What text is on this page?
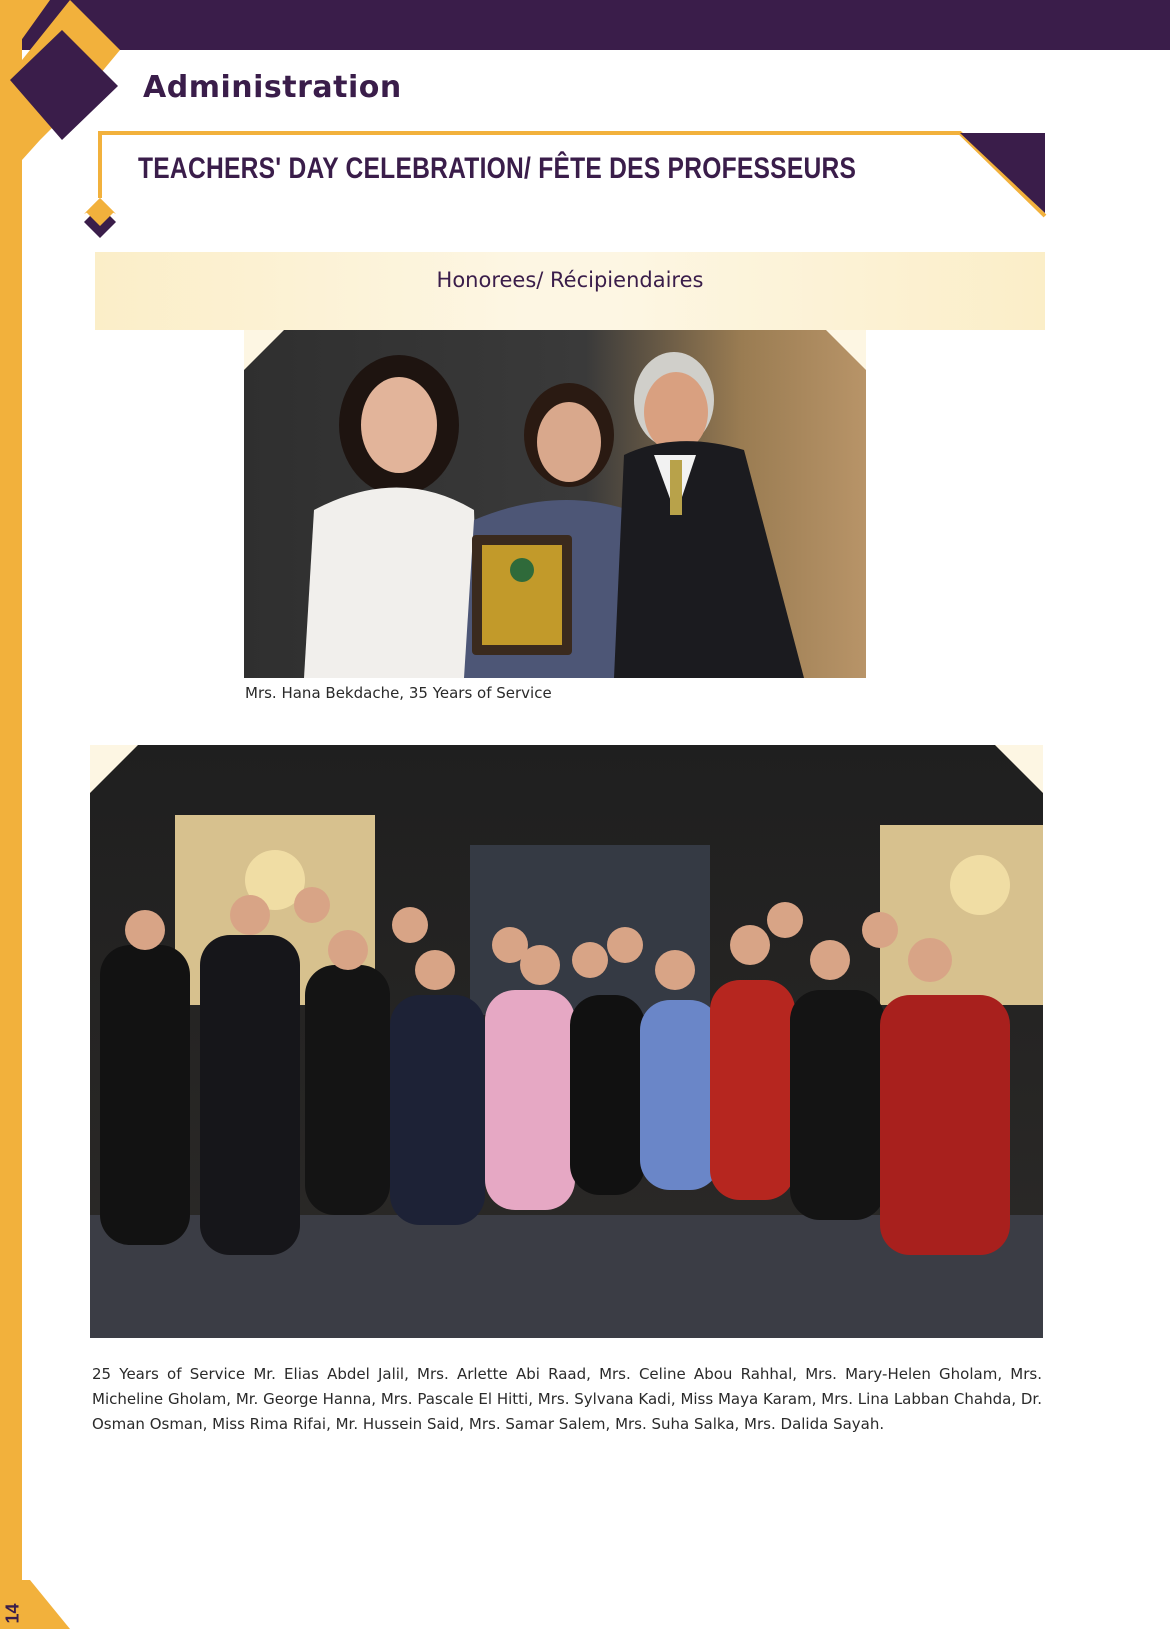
Administration
TEACHERS' DAY CELEBRATION/ FÊTE DES PROFESSEURS
Honorees/ Récipiendaires
Mrs. Hana Bekdache, 35 Years of Service
25 Years of Service Mr. Elias Abdel Jalil, Mrs. Arlette Abi Raad, Mrs. Celine Abou Rahhal, Mrs. Mary-Helen Gholam, Mrs. Micheline Gholam, Mr. George Hanna, Mrs. Pascale El Hitti, Mrs. Sylvana Kadi, Miss Maya Karam, Mrs. Lina Labban Chahda, Dr. Osman Osman, Miss Rima Rifai, Mr. Hussein Said, Mrs. Samar Salem, Mrs. Suha Salka, Mrs. Dalida Sayah.
14
